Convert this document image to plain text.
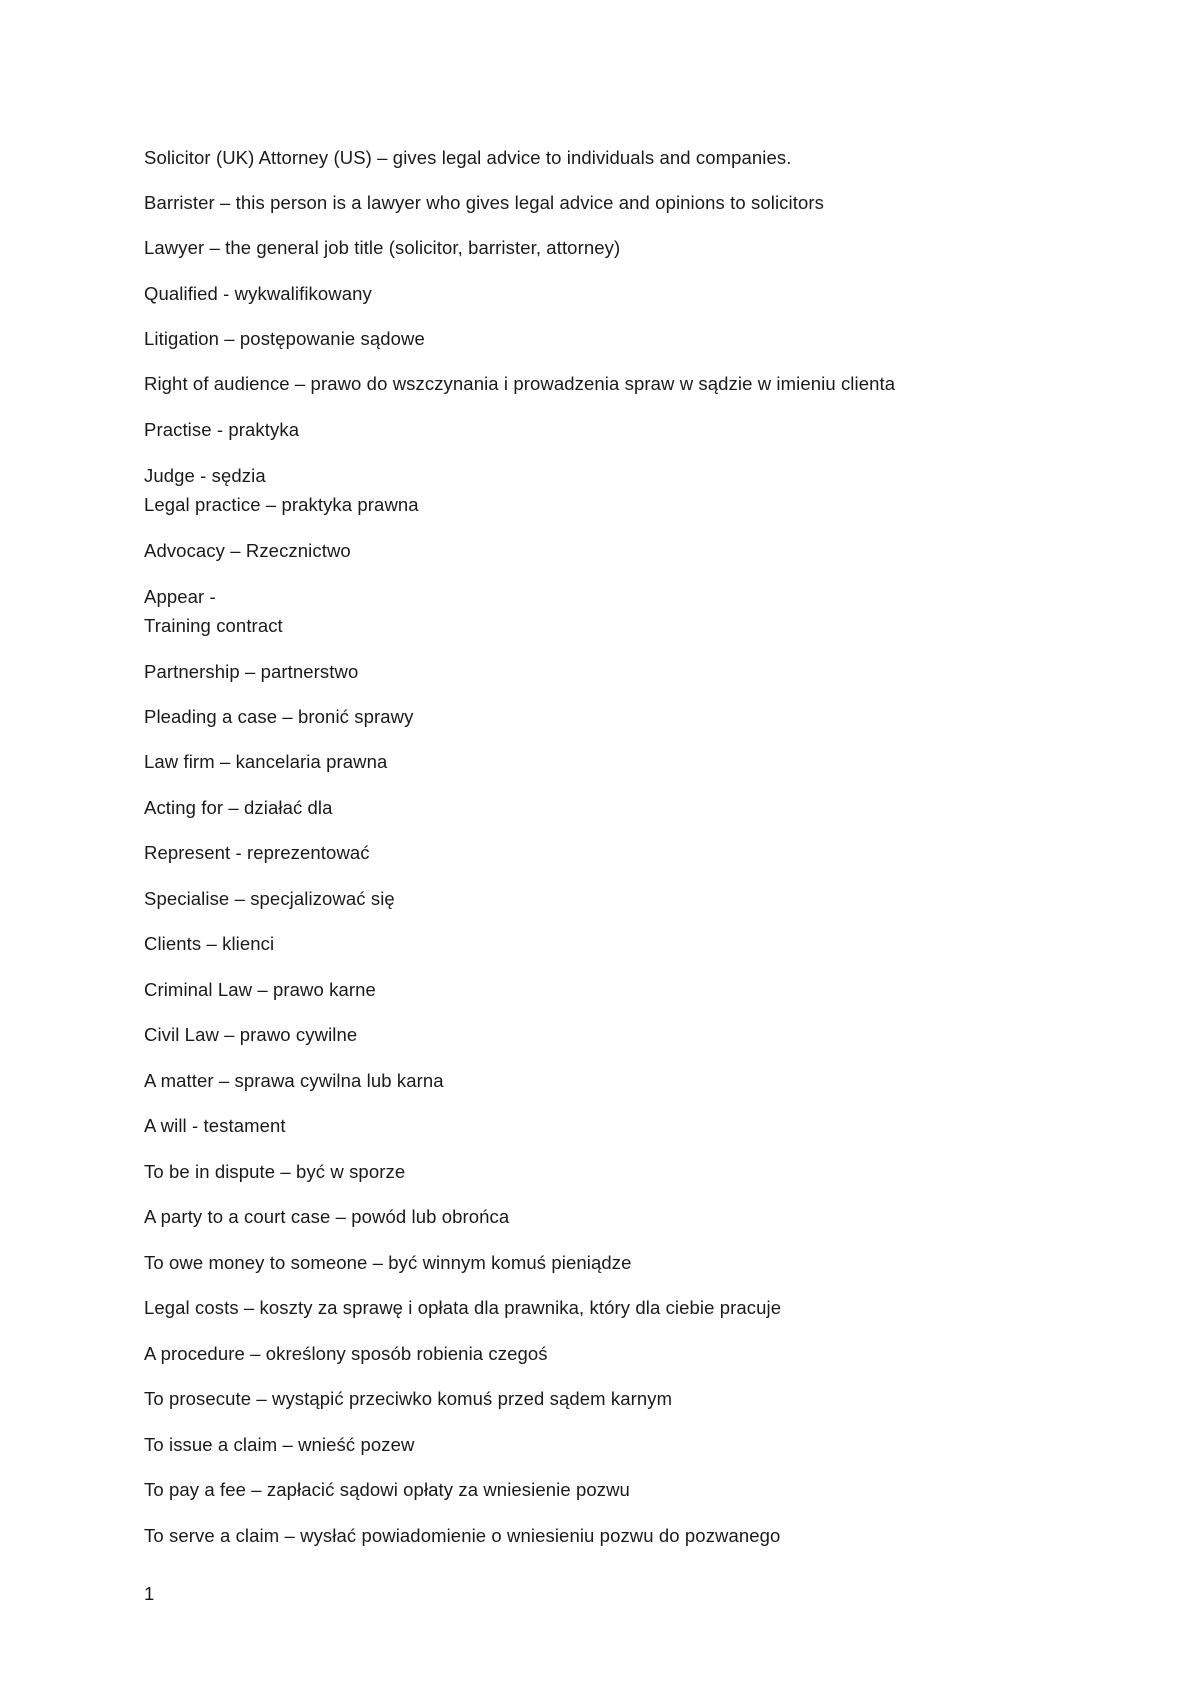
Solicitor (UK) Attorney (US) – gives legal advice to individuals and companies.
Barrister – this person is a lawyer who gives legal advice and opinions to solicitors
Lawyer – the general job title (solicitor, barrister, attorney)
Qualified - wykwalifikowany
Litigation – postępowanie sądowe
Right of audience – prawo do wszczynania i prowadzenia spraw w sądzie w imieniu clienta
Practise - praktyka
Judge - sędzia
Legal practice – praktyka prawna
Advocacy – Rzecznictwo
Appear -
Training contract
Partnership – partnerstwo
Pleading a case – bronić sprawy
Law firm – kancelaria prawna
Acting for – działać dla
Represent - reprezentować
Specialise – specjalizować się
Clients – klienci
Criminal Law – prawo karne
Civil Law – prawo cywilne
A matter – sprawa cywilna lub karna
A will - testament
To be in dispute – być w sporze
A party to a court case – powód lub obrońca
To owe money to someone – być winnym komuś pieniądze
Legal costs – koszty za sprawę i opłata dla prawnika, który dla ciebie pracuje
A procedure – określony sposób robienia czegoś
To prosecute – wystąpić przeciwko komuś przed sądem karnym
To issue a claim – wnieść pozew
To pay a fee – zapłacić sądowi opłaty za wniesienie pozwu
To serve a claim – wysłać powiadomienie o wniesieniu pozwu do pozwanego
1
